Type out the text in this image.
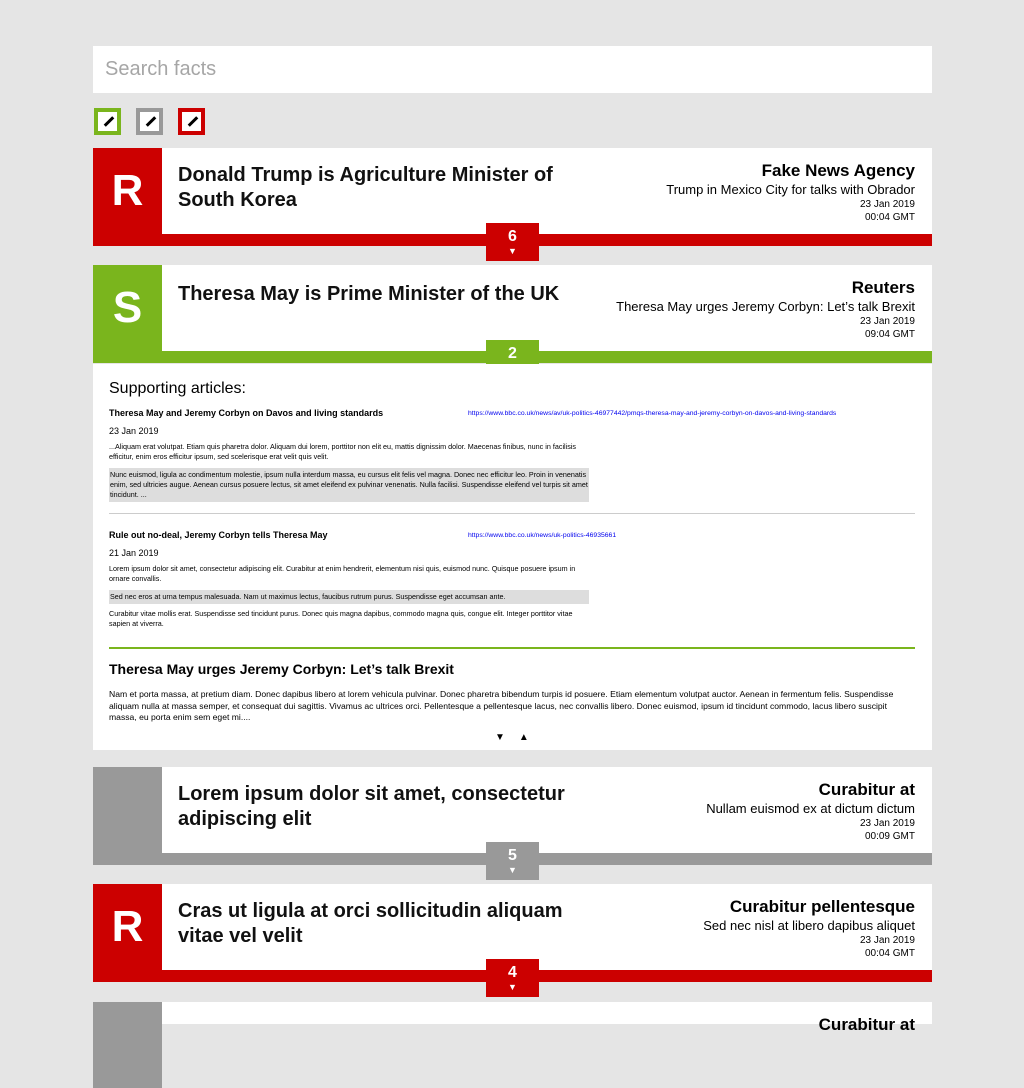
Search facts
R	Donald Trump is Agriculture Minister of South Korea
Fake News Agency
Trump in Mexico City for talks with Obrador
23 Jan 2019
00:04 GMT
6
▼
S	Theresa May is Prime Minister of the UK	Reuters
Theresa May urges Jeremy Corbyn: Let’s talk Brexit
23 Jan 2019
09:04 GMT
2
Supporting articles:
Theresa May and Jeremy Corbyn on Davos and living standards
23 Jan 2019

...Aliquam erat volutpat. Etiam quis pharetra dolor. Aliquam dui lorem, porttitor non elit eu, mattis dignissim dolor. Maecenas finibus, nunc in facilisis efficitur, enim eros efficitur ipsum, sed scelerisque erat velit quis velit.

Nunc euismod, ligula ac condimentum molestie, ipsum nulla interdum massa, eu cursus elit felis vel magna. Donec nec efficitur leo. Proin in venenatis enim, sed ultricies augue. Aenean cursus posuere lectus, sit amet eleifend ex pulvinar venenatis. Nulla facilisi. Suspendisse eleifend vel turpis sit amet tincidunt. ...

https://www.bbc.co.uk/news/av/uk-politics-46977442/pmqs-theresa-may-and-jeremy-corbyn-on-davos-and-living-standards
Rule out no-deal, Jeremy Corbyn tells Theresa May
21 Jan 2019

Lorem ipsum dolor sit amet, consectetur adipiscing elit. Curabitur at enim hendrerit, elementum nisi quis, euismod nunc. Quisque posuere ipsum in ornare convallis.

Sed nec eros at urna tempus malesuada. Nam ut maximus lectus, faucibus rutrum purus. Suspendisse eget accumsan ante.

Curabitur vitae mollis erat. Suspendisse sed tincidunt purus. Donec quis magna dapibus, commodo magna quis, congue elit. Integer porttitor vitae sapien at viverra.

https://www.bbc.co.uk/news/uk-politics-46935661
Theresa May urges Jeremy Corbyn: Let’s talk Brexit
Nam et porta massa, at pretium diam. Donec dapibus libero at lorem vehicula pulvinar. Donec pharetra bibendum turpis id posuere. Etiam elementum volutpat auctor. Aenean in fermentum felis. Suspendisse aliquam nulla at massa semper, et consequat dui sagittis. Vivamus ac ultrices orci. Pellentesque a pellentesque lacus, nec convallis libero. Donec euismod, ipsum id tincidunt commodo, lacus libero suscipit massa, eu porta enim sem eget mi....
▼ ▲
Lorem ipsum dolor sit amet, consectetur adipiscing elit
Curabitur at
Nullam euismod ex at dictum dictum
23 Jan 2019
00:09 GMT
5
▼
R	Cras ut ligula at orci sollicitudin aliquam vitae vel velit
Curabitur pellentesque
Sed nec nisl at libero dapibus aliquet
23 Jan 2019
00:04 GMT
4
▼
Curabitur at
